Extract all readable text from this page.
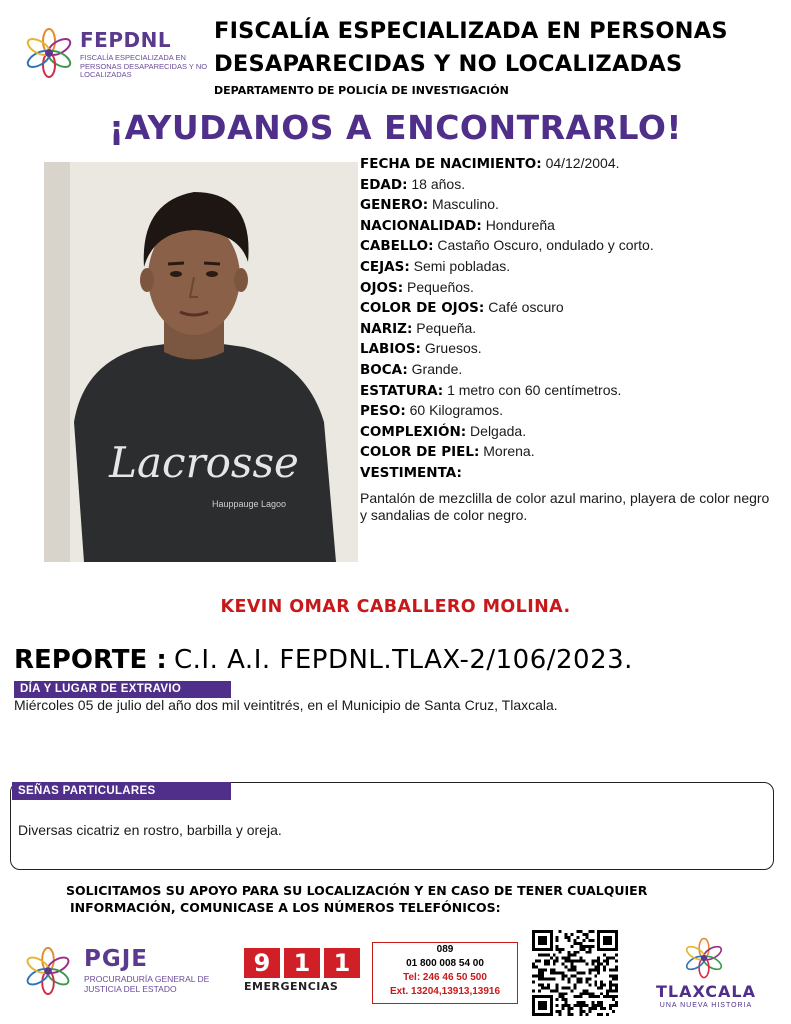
FEPDNL
FISCALÍA ESPECIALIZADA EN PERSONAS DESAPARECIDAS Y NO LOCALIZADAS
FISCALÍA ESPECIALIZADA EN PERSONAS
DESAPARECIDAS Y NO LOCALIZADAS
DEPARTAMENTO DE POLICÍA DE INVESTIGACIÓN
¡AYUDANOS A ENCONTRARLO!
Lacrosse
Hauppauge Lagoo
FECHA DE NACIMIENTO: 04/12/2004.
EDAD: 18 años.
GENERO: Masculino.
NACIONALIDAD: Hondureña
CABELLO: Castaño Oscuro, ondulado y corto.
CEJAS: Semi pobladas.
OJOS: Pequeños.
COLOR DE OJOS: Café oscuro
NARIZ: Pequeña.
LABIOS: Gruesos.
BOCA: Grande.
ESTATURA: 1 metro con 60 centímetros.
PESO: 60 Kilogramos.
COMPLEXIÓN: Delgada.
COLOR DE PIEL: Morena.
VESTIMENTA:
Pantalón de mezclilla de color azul marino, playera de color negro y sandalias de color negro.
KEVIN OMAR CABALLERO MOLINA.
REPORTE : C.I. A.I. FEPDNL.TLAX-2/106/2023.
DÍA Y LUGAR DE EXTRAVIO
Miércoles 05 de julio del año dos mil veintitrés, en el Municipio de Santa Cruz, Tlaxcala.
SEÑAS PARTICULARES
Diversas cicatriz en rostro, barbilla y oreja.
SOLICITAMOS SU APOYO PARA SU LOCALIZACIÓN Y EN CASO DE TENER CUALQUIER
INFORMACIÓN, COMUNICASE A LOS NÚMEROS TELEFÓNICOS:
PGJE
PROCURADURÍA GENERAL DE JUSTICIA DEL ESTADO
9 1 1
EMERGENCIAS
089
01 800 008 54 00
Tel: 246 46 50 500
Ext. 13204,13913,13916	TLAXCALA
UNA NUEVA HISTORIA
